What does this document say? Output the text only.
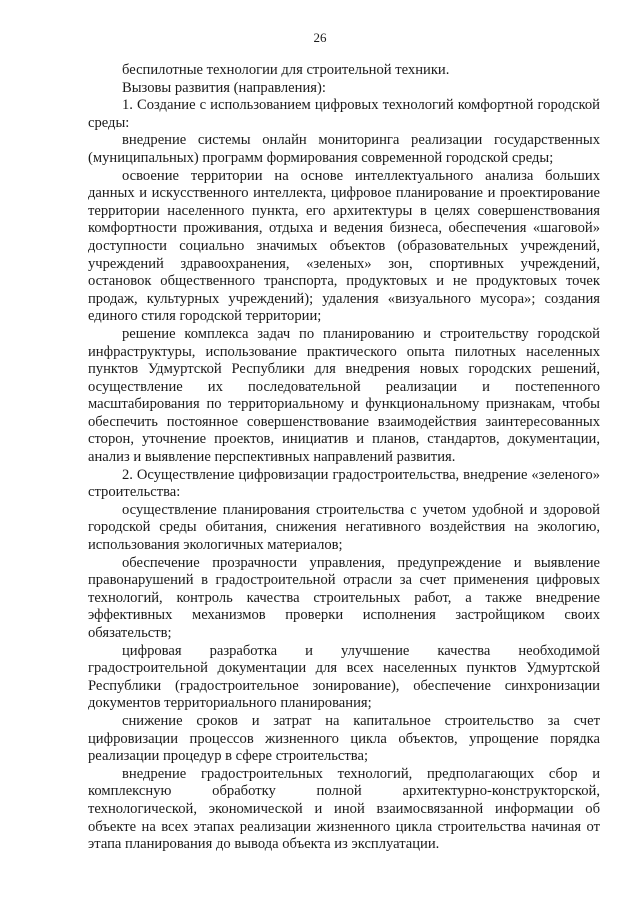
26

беспилотные технологии для строительной техники.

Вызовы развития (направления):

1. Создание с использованием цифровых технологий комфортной городской среды:

внедрение системы онлайн мониторинга реализации государственных (муниципальных) программ формирования современной городской среды;

освоение территории на основе интеллектуального анализа больших данных и искусственного интеллекта, цифровое планирование и проектирование территории населенного пункта, его архитектуры в целях совершенствования комфортности проживания, отдыха и ведения бизнеса, обеспечения «шаговой» доступности социально значимых объектов (образовательных учреждений, учреждений здравоохранения, «зеленых» зон, спортивных учреждений, остановок общественного транспорта, продуктовых и не продуктовых точек продаж, культурных учреждений); удаления «визуального мусора»; создания единого стиля городской территории;

решение комплекса задач по планированию и строительству городской инфраструктуры, использование практического опыта пилотных населенных пунктов Удмуртской Республики для внедрения новых городских решений, осуществление их последовательной реализации и постепенного масштабирования по территориальному и функциональному признакам, чтобы обеспечить постоянное совершенствование взаимодействия заинтересованных сторон, уточнение проектов, инициатив и планов, стандартов, документации, анализ и выявление перспективных направлений развития.

2. Осуществление цифровизации градостроительства, внедрение «зеленого» строительства:

осуществление планирования строительства с учетом удобной и здоровой городской среды обитания, снижения негативного воздействия на экологию, использования экологичных материалов;

обеспечение прозрачности управления, предупреждение и выявление правонарушений в градостроительной отрасли за счет применения цифровых технологий, контроль качества строительных работ, а также внедрение эффективных механизмов проверки исполнения застройщиком своих обязательств;

цифровая разработка и улучшение качества необходимой градостроительной документации для всех населенных пунктов Удмуртской Республики (градостроительное зонирование), обеспечение синхронизации документов территориального планирования;

снижение сроков и затрат на капитальное строительство за счет цифровизации процессов жизненного цикла объектов, упрощение порядка реализации процедур в сфере строительства;

внедрение градостроительных технологий, предполагающих сбор и комплексную обработку полной архитектурно-конструкторской, технологической, экономической и иной взаимосвязанной информации об объекте на всех этапах реализации жизненного цикла строительства начиная от этапа планирования до вывода объекта из эксплуатации.
